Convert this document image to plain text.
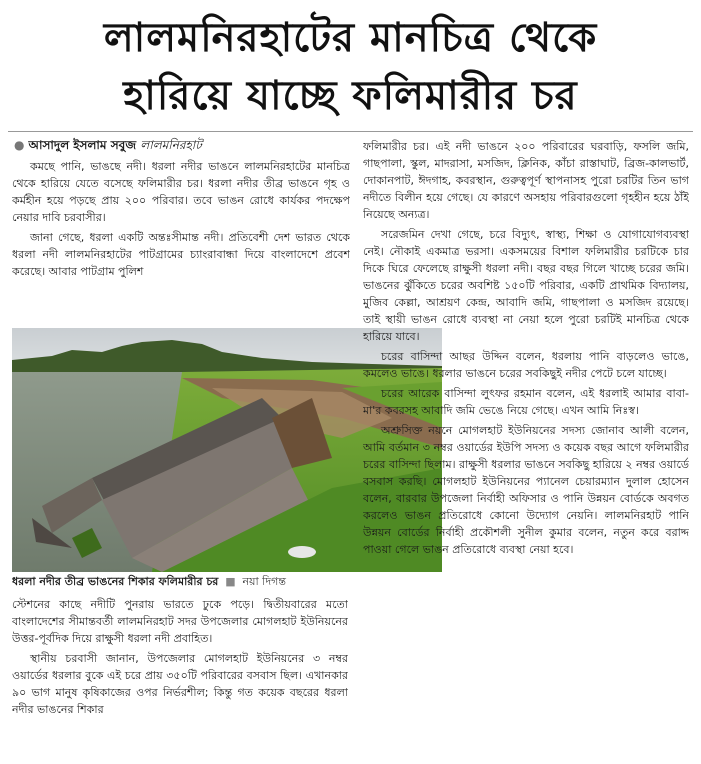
লালমনিরহাটের মানচিত্র থেকে
হারিয়ে যাচ্ছে ফলিমারীর চর
● আসাদুল ইসলাম সবুজ লালমনিরহাট

কমছে পানি, ভাঙছে নদী। ধরলা নদীর ভাঙনে লালমনিরহাটের মানচিত্র থেকে হারিয়ে যেতে বসেছে ফলিমারীর চর। ধরলা নদীর তীব্র ভাঙনে গৃহ ও কর্মহীন হয়ে পড়ছে প্রায় ২০০ পরিবার। তবে ভাঙন রোধে কার্যকর পদক্ষেপ নেয়ার দাবি চরবাসীর।

জানা গেছে, ধরলা একটি অন্তঃসীমান্ত নদী। প্রতিবেশী দেশ ভারত থেকে ধরলা নদী লালমনিরহাটের পাটগ্রামের চ্যাংরাবান্ধা দিয়ে বাংলাদেশে প্রবেশ করেছে। আবার পাটগ্রাম পুলিশ

ধরলা নদীর তীব্র ভাঙনের শিকার ফলিমারীর চর ■ নয়া দিগন্ত

স্টেশনের কাছে নদীটি পুনরায় ভারতে ঢুকে পড়ে। দ্বিতীয়বারের মতো বাংলাদেশের সীমান্তবর্তী লালমনিরহাট সদর উপজেলার মোগলহাট ইউনিয়নের উত্তর-পূর্বদিক দিয়ে রাক্ষুসী ধরলা নদী প্রবাহিত।

স্থানীয় চরবাসী জানান, উপজেলার মোগলহাট ইউনিয়নের ৩ নম্বর ওয়ার্ডের ধরলার বুকে এই চরে প্রায় ৩৫০টি পরিবারের বসবাস ছিল। এখানকার ৯০ ভাগ মানুষ কৃষিকাজের ওপর নির্ভরশীল; কিন্তু গত কয়েক বছরের ধরলা নদীর ভাঙনের শিকার

ফলিমারীর চর। এই নদী ভাঙনে ২০০ পরিবারের ঘরবাড়ি, ফসলি জমি, গাছপালা, স্কুল, মাদরাসা, মসজিদ, ক্লিনিক, কাঁচা রাস্তাঘাট, ব্রিজ-কালভার্ট, দোকানপাট, ঈদগাহ, কবরস্থান, গুরুত্বপূর্ণ স্থাপনাসহ পুরো চরটির তিন ভাগ নদীতে বিলীন হয়ে গেছে। যে কারণে অসহায় পরিবারগুলো গৃহহীন হয়ে ঠাঁই নিয়েছে অন্যত্র।

সরেজমিন দেখা গেছে, চরে বিদ্যুৎ, স্বাস্থ্য, শিক্ষা ও যোগাযোগব্যবস্থা নেই। নৌকাই একমাত্র ভরসা। একসময়ের বিশাল ফলিমারীর চরটিকে চার দিকে ঘিরে ফেলেছে রাক্ষুসী ধরলা নদী। বছর বছর গিলে খাচ্ছে চরের জমি। ভাঙনের ঝুঁকিতে চরের অবশিষ্ট ১৫০টি পরিবার, একটি প্রাথমিক বিদ্যালয়, মুজিব কেল্লা, আশ্রয়ণ কেন্দ্র, আবাদি জমি, গাছপালা ও মসজিদ রয়েছে। তাই স্থায়ী ভাঙন রোধে ব্যবস্থা না নেয়া হলে পুরো চরটিই মানচিত্র থেকে হারিয়ে যাবে।

চরের বাসিন্দা আছর উদ্দিন বলেন, ধরলায় পানি বাড়লেও ভাঙে, কমলেও ভাঙে। ধরলার ভাঙনে চরের সবকিছুই নদীর পেটে চলে যাচ্ছে।

চরের আরেক বাসিন্দা লুৎফর রহমান বলেন, এই ধরলাই আমার বাবা-মা'র কবরসহ আবাদি জমি ভেঙে নিয়ে গেছে। এখন আমি নিঃস্ব।

অশ্রুসিক্ত নয়নে মোগলহাট ইউনিয়নের সদস্য জোনাব আলী বলেন, আমি বর্তমান ৩ নম্বর ওয়ার্ডের ইউপি সদস্য ও কয়েক বছর আগে ফলিমারীর চরের বাসিন্দা ছিলাম। রাক্ষুসী ধরলার ভাঙনে সবকিছু হারিয়ে ২ নম্বর ওয়ার্ডে বসবাস করছি। মোগলহাট ইউনিয়নের প্যানেল চেয়ারম্যান দুলাল হোসেন বলেন, বারবার উপজেলা নির্বাহী অফিসার ও পানি উন্নয়ন বোর্ডকে অবগত করলেও ভাঙন প্রতিরোধে কোনো উদ্যোগ নেয়নি। লালমনিরহাট পানি উন্নয়ন বোর্ডের নির্বাহী প্রকৌশলী সুনীল কুমার বলেন, নতুন করে বরাদ্দ পাওয়া গেলে ভাঙন প্রতিরোধে ব্যবস্থা নেয়া হবে।
